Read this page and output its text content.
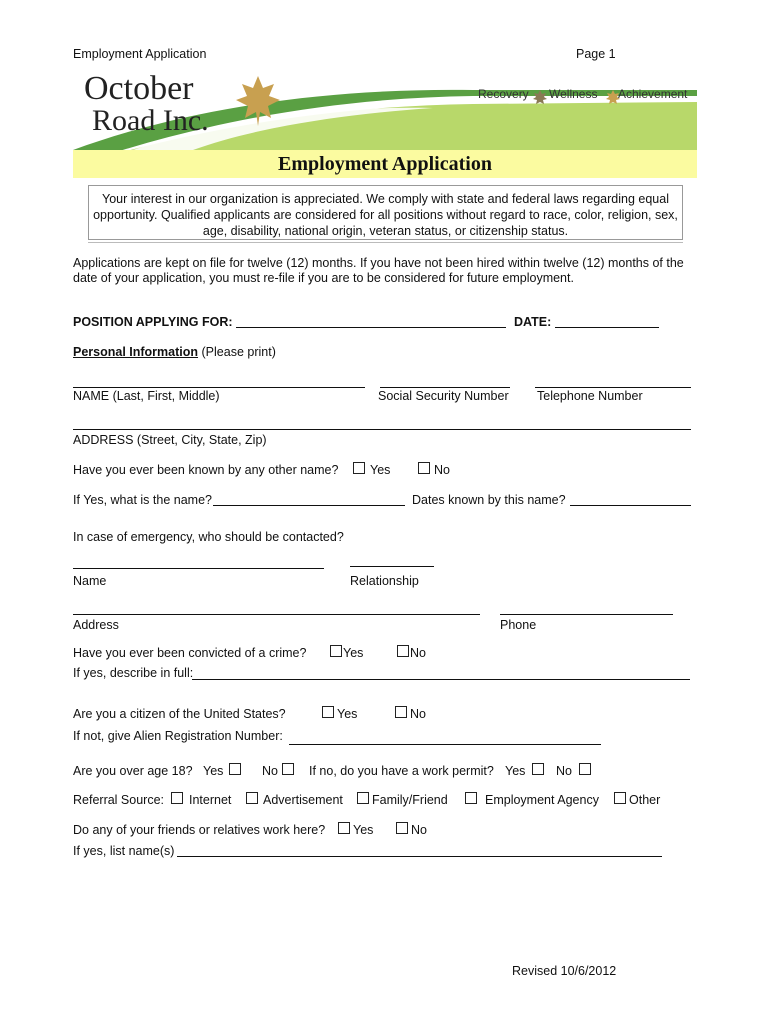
Employment Application	Page 1
October
Road Inc.
Recovery Wellness Achievement
Employment Application
Your interest in our organization is appreciated. We comply with state and federal laws regarding equal opportunity. Qualified applicants are considered for all positions without regard to race, color, religion, sex, age, disability, national origin, veteran status, or citizenship status.
Applications are kept on file for twelve (12) months. If you have not been hired within twelve (12) months of the date of your application, you must re-file if you are to be considered for future employment.
POSITION APPLYING FOR:	DATE:
Personal Information (Please print)
NAME (Last, First, Middle)	Social Security Number Telephone Number
ADDRESS (Street, City, State, Zip)
Have you ever been known by any other name?	Yes	No
If Yes, what is the name?	Dates known by this name?
In case of emergency, who should be contacted?
Name	Relationship
Address	Phone
Have you ever been convicted of a crime?	Yes	No
If yes, describe in full:
Are you a citizen of the United States?	Yes	No
If not, give Alien Registration Number:
Are you over age 18? Yes	No If no, do you have a work permit? Yes No
Referral Source: Internet	Advertisement Family/Friend	Employment Agency Other
Do any of your friends or relatives work here? Yes	No
If yes, list name(s)
Revised 10/6/2012
